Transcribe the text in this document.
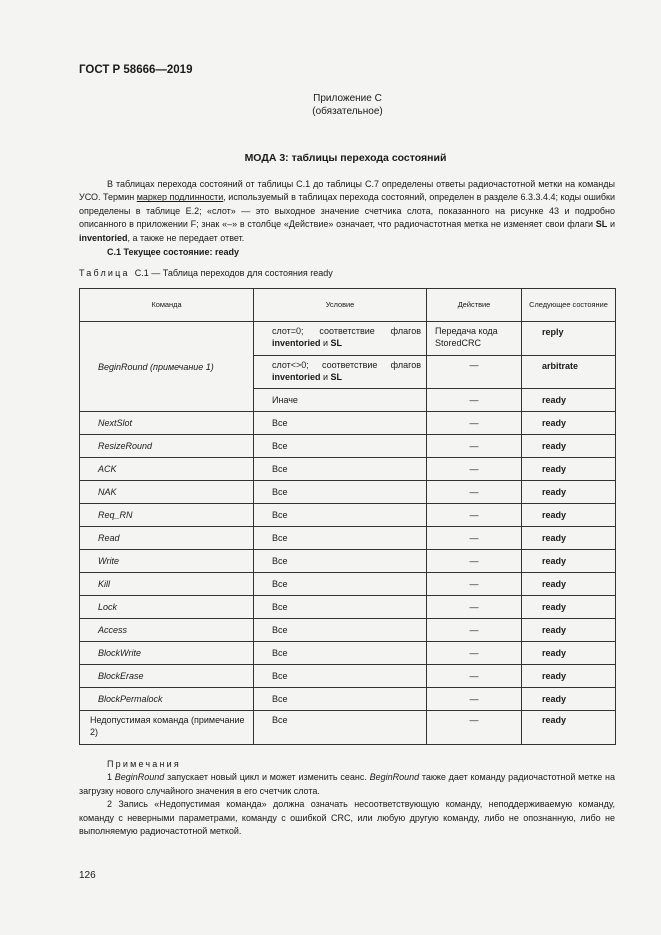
ГОСТ Р 58666—2019
Приложение С
(обязательное)
МОДА 3: таблицы перехода состояний

В таблицах перехода состояний от таблицы С.1 до таблицы С.7 определены ответы радиочастотной метки на команды УСО. Термин маркер подлинности, используемый в таблицах перехода состояний, определен в разделе 6.3.3.4.4; коды ошибки определены в таблице Е.2; «слот» — это выходное значение счетчика слота, показанного на рисунке 43 и подробно описанного в приложении F; знак «–» в столбце «Действие» означает, что радиочастотная метка не изменяет свои флаги SL и inventoried, а также не передает ответ.

С.1 Текущее состояние: ready
Таблица С.1 — Таблица переходов для состояния ready
Команда	Условие	Действие	Следующее состояние
BeginRound (примечание 1)	слот=0; соответствие флагов inventoried и SL	Передача кода StoredCRC	reply

	слот<>0; соответствие флагов inventoried и SL	—	arbitrate
	Иначе	—	ready
NextSlot	Все	—	ready
ResizeRound	Все	—	ready
ACK	Все	—	ready
NAK	Все	—	ready
Req_RN	Все	—	ready
Read	Все	—	ready
Write	Все	—	ready
Kill	Все	—	ready
Lock	Все	—	ready
Access	Все	—	ready
BlockWrite	Все	—	ready
BlockErase	Все	—	ready
BlockPermalock	Все	—	ready
Недопустимая команда (примечание 2)	Все	—	ready
Примечания

1 BeginRound запускает новый цикл и может изменить сеанс. BeginRound также дает команду радиочастотной метке на загрузку нового случайного значения в его счетчик слота.

2 Запись «Недопустимая команда» должна означать несоответствующую команду, неподдерживаемую команду, команду с неверными параметрами, команду с ошибкой CRC, или любую другую команду, либо не опознанную, либо не выполняемую радиочастотной меткой.

126
